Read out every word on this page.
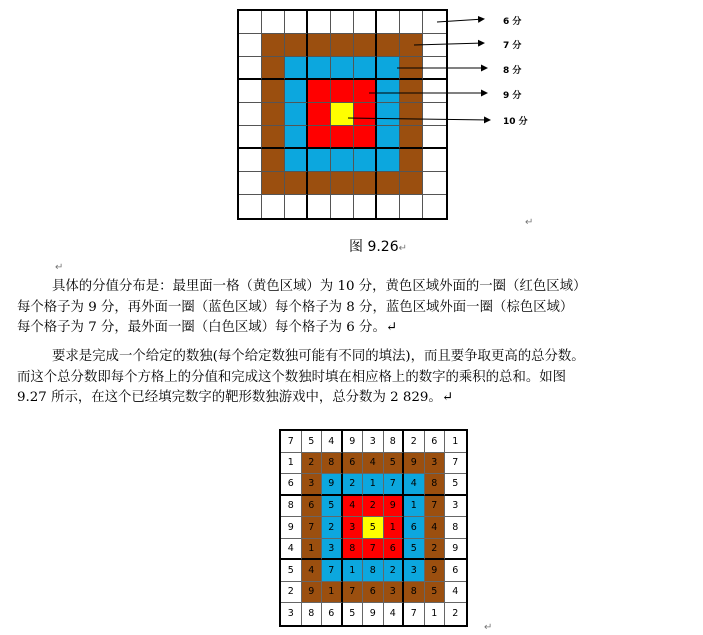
6 分
7 分
8 分
9 分
10 分
↵
图 9.26↵
↵
具体的分值分布是：最里面一格（黄色区域）为 10 分，黄色区域外面的一圈（红色区域）
每个格子为 9 分，再外面一圈（蓝色区域）每个格子为 8 分，蓝色区域外面一圈（棕色区域）
每个格子为 7 分，最外面一圈（白色区域）每个格子为 6 分。↵
要求是完成一个给定的数独(每个给定数独可能有不同的填法)，而且要争取更高的总分数。
而这个总分数即每个方格上的分值和完成这个数独时填在相应格上的数字的乘积的总和。如图
9.27 所示，在这个已经填完数字的靶形数独游戏中，总分数为 2 829。↵
7	5	4	9	3	8	2	6	1
1	2	8	6	4	5	9	3	7
6	3	9	2	1	7	4	8	5
8	6	5	4	2	9	1	7	3
9	7	2	3	5	1	6	4	8
4	1	3	8	7	6	5	2	9
5	4	7	1	8	2	3	9	6
2	9	1	7	6	3	8	5	4
3	8	6	5	9	4	7	1	2
↵
